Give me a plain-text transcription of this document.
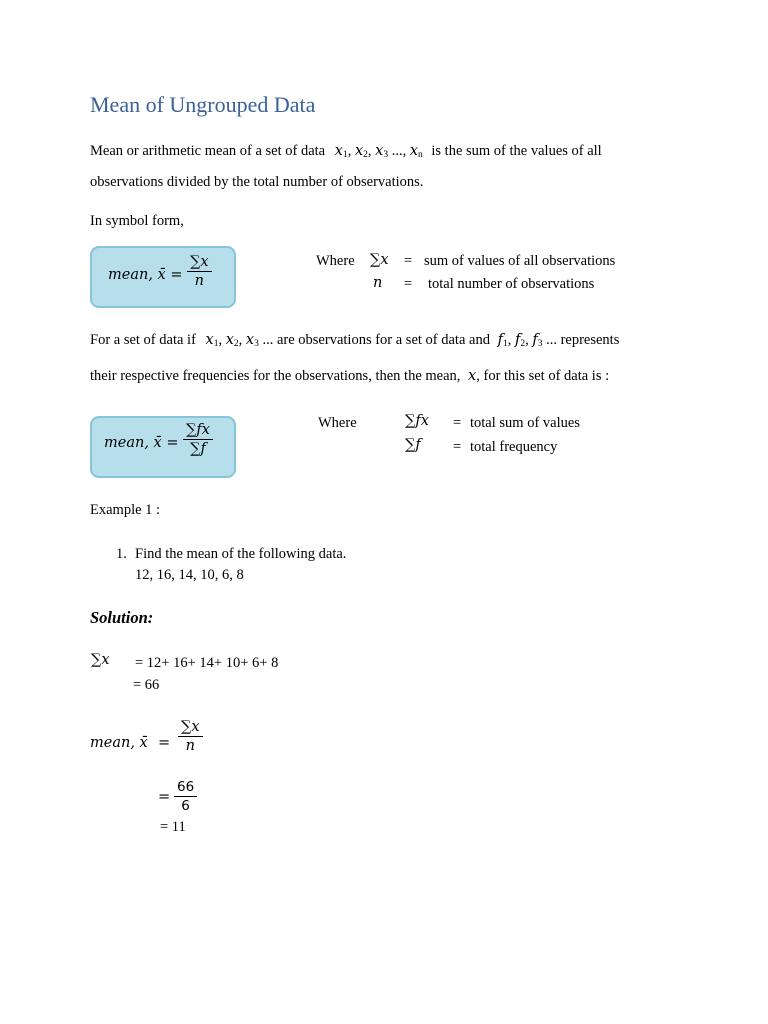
Mean of Ungrouped Data
Mean or arithmetic mean of a set of data x1, x2, x3 ..., xn is the sum of the values of all
observations divided by the total number of observations.
In symbol form,
mean, x̄ = $\frac{\sum x}{n}$	Where ∑x = sum of values of all observations
n = total number of observations
For a set of data if x1, x2, x3 ... are observations for a set of data and f1, f2, f3 ... represents
their respective frequencies for the observations, then the mean, x, for this set of data is :
mean, x̄ = $\frac{\sum fx}{\sum f}$	Where	∑fx = total sum of values
∑f = total frequency
Example 1 :
1. Find the mean of the following data.
12, 16, 14, 10, 6, 8
Solution:
∑x = 12+ 16+ 14+ 10+ 6+ 8
= 66
mean, x̄ = $\frac{\sum x}{n}$
= $\frac{66}{6}$
= 11
